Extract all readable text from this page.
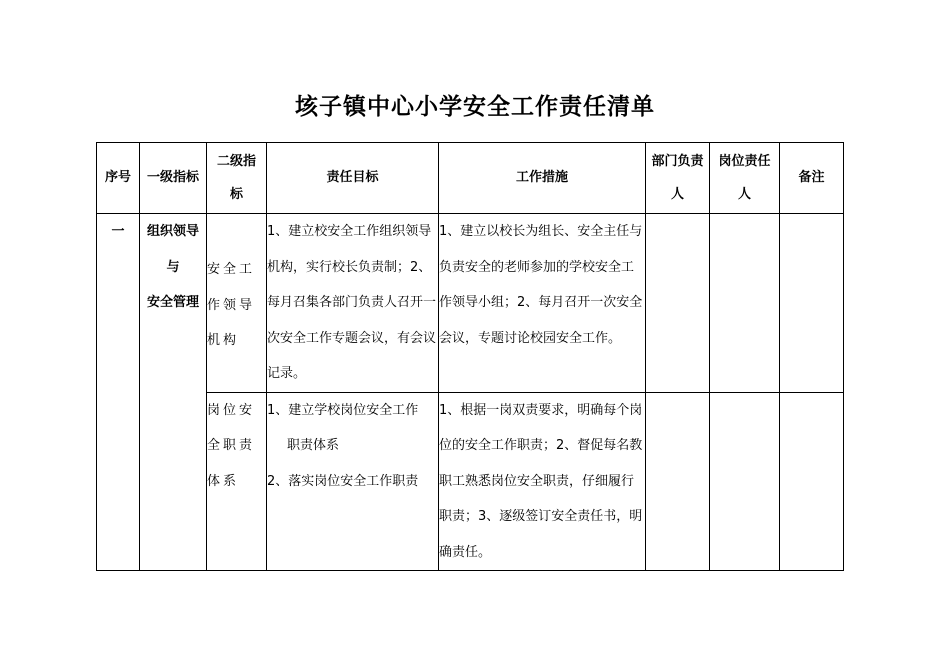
垓子镇中心小学安全工作责任清单
序号	一级指标	二级指标	责任目标	工作措施	部门负责人	岗位责任人	备注
一	组织领导
与
安全管理	安全工作领导机构	1、建立校安全工作组织领导机构，实行校长负责制；2、每月召集各部门负责人召开一次安全工作专题会议，有会议记录。	1、建立以校长为组长、安全主任与负责安全的老师参加的学校安全工作领导小组；2、每月召开一次安全会议，专题讨论校园安全工作。			
		岗位安全职责体系	1、建立学校岗位安全工作
职责体系
2、落实岗位安全工作职责	1、根据一岗双责要求，明确每个岗位的安全工作职责；2、督促每名教职工熟悉岗位安全职责，仔细履行职责；3、逐级签订安全责任书，明确责任。			
